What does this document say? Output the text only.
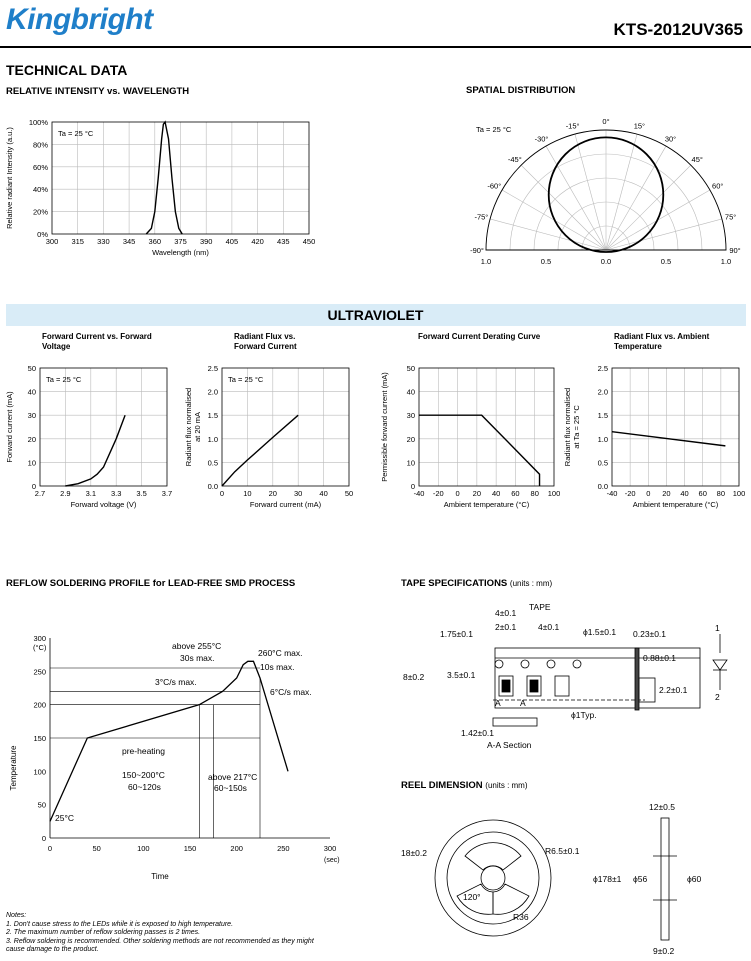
Kingbright	KTS-2012UV365
TECHNICAL DATA
RELATIVE INTENSITY vs. WAVELENGTH
300 315 330 345 360 375 390 405 420 435 450
0%
20%
40%
60%
80%
100%
Wavelength (nm)
Relative radiant Intensity (a.u.)	Ta = 25 °C
SPATIAL DISTRIBUTION
-90°
-75°
-60°
-45°
-30°
-15°	0°	15°
30°
45°
60°
75°
90°
1.0	0.5	0.0	0.5	1.0
Ta = 25 °C
ULTRAVIOLET
Forward Current vs. Forward Voltage
Radiant Flux vs. Forward Current
Forward Current Derating Curve	Radiant Flux vs. Ambient Temperature
2.7 2.9 3.1 3.3 3.5 3.7
0
10
20
30
40
50
Forward voltage (V)
Forward current (mA)
Ta = 25 °C
0	10 20 30 40 50
0.0
0.5
1.0
1.5
2.0
2.5
Forward current (mA)
Radiant flux normalised at 20 mA
Ta = 25 °C
-40 -20 0 20 40 60 80 100
0
10
20
30
40
50
Ambient temperature (°C)
Permissible forward current (mA)
-40 -20 0 20 40 60 80 100
0.0
0.5
1.0
1.5
2.0
2.5
Ambient temperature (°C)
Radiant flux normalised at Ta = 25 °C
REFLOW SOLDERING PROFILE for LEAD-FREE SMD PROCESS
0	50	100	150	200	250	300
0
50
100
150
200
250
300
(°C)
(sec)
Time
Temperature
above 255°C
30s max.	260°C max.
10s max.
3°C/s max.
6°C/s max.
pre-heating
150~200°C
60~120s
above 217°C
60~150s
25°C
TAPE SPECIFICATIONS (units : mm)
4±0.1
TAPE
2±0.1	4±0.1
1.75±0.1	ϕ1.5±0.1 0.23±0.1
8±0.2	3.5±0.1
0.88±0.1
2.2±0.1
A A
ϕ1Typ.
1.42±0.1
A-A Section
1
2
REEL DIMENSION (units : mm)
12±0.5
18±0.2	R6.5±0.1
ϕ178±1 ϕ56	ϕ60
120°
R36
9±0.2
Notes:
1. Don't cause stress to the LEDs while it is exposed to high temperature.
2. The maximum number of reflow soldering passes is 2 times.
3. Reflow soldering is recommended. Other soldering methods are not recommended as they might
cause damage to the product.
